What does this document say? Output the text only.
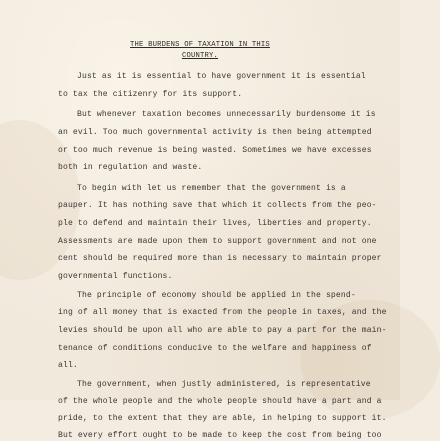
THE BURDENS OF TAXATION IN THIS
COUNTRY.
Just as it is essential to have government it is essential
to tax the citizenry for its support.
But whenever taxation becomes unnecessarily burdensome it is
an evil. Too much governmental activity is then being attempted
or too much revenue is being wasted. Sometimes we have excesses
both in regulation and waste.
To begin with let us remember that the government is a
pauper. It has nothing save that which it collects from the peo-
ple to defend and maintain their lives, liberties and property.
Assessments are made upon them to support government and not one
cent should be required more than is necessary to maintain proper
governmental functions.
The principle of economy should be applied in the spend-
ing of all money that is exacted from the people in taxes, and the
levies should be upon all who are able to pay a part for the main-
tenance of conditions conducive to the welfare and happiness of
all.
The government, when justly administered, is representative
of the whole people and the whole people should have a part and a
pride, to the extent that they are able, in helping to support it.
But every effort ought to be made to keep the cost from being too
